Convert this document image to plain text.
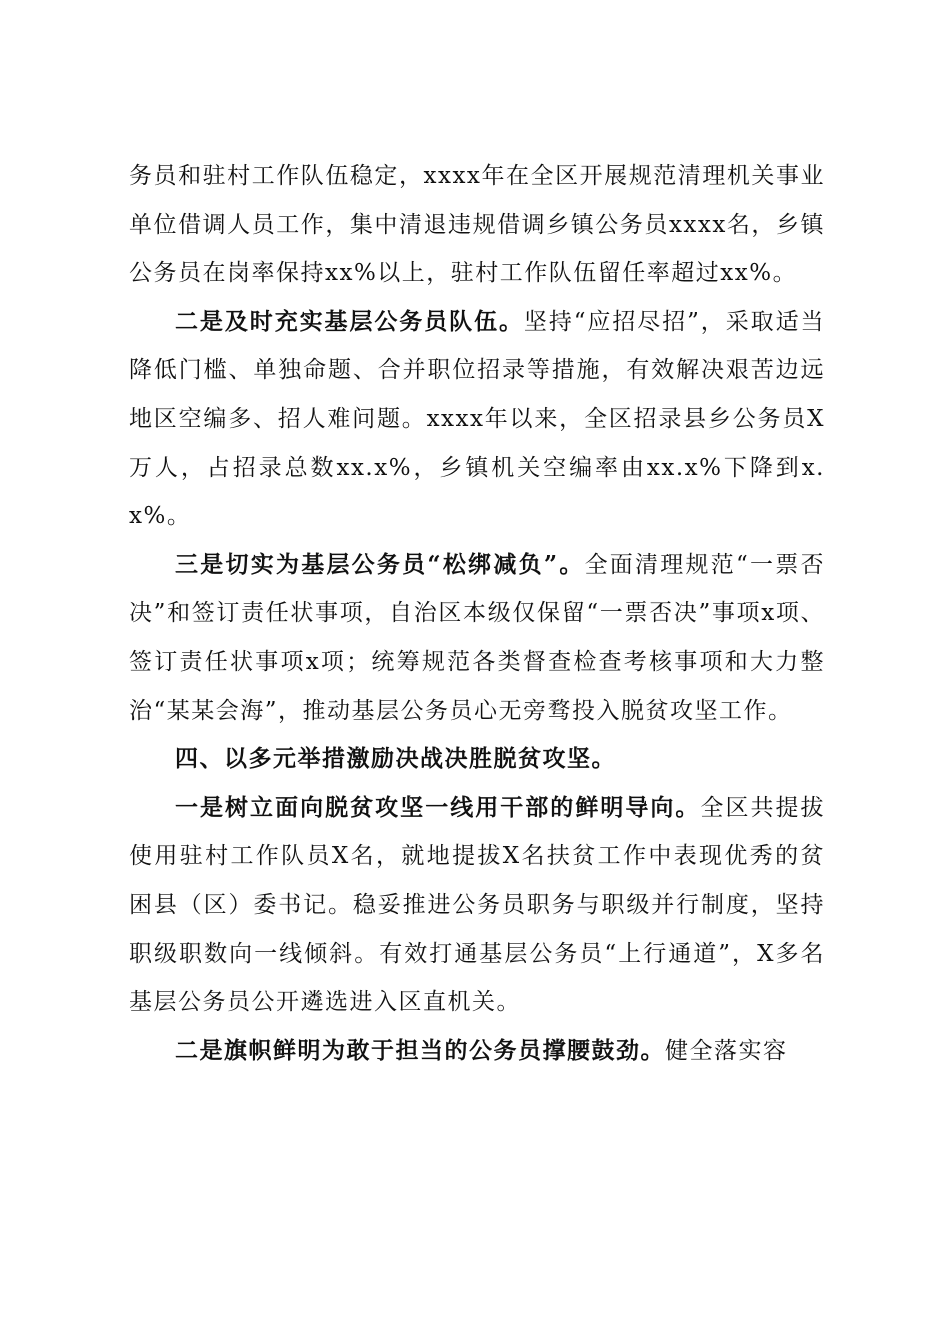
务员和驻村工作队伍稳定，xxxx年在全区开展规范清理机关事业单位借调人员工作，集中清退违规借调乡镇公务员xxxx名，乡镇公务员在岗率保持xx%以上，驻村工作队伍留任率超过xx%。

二是及时充实基层公务员队伍。坚持“应招尽招”，采取适当降低门槛、单独命题、合并职位招录等措施，有效解决艰苦边远地区空编多、招人难问题。xxxx年以来，全区招录县乡公务员X万人，占招录总数xx.x%，乡镇机关空编率由xx.x%下降到x.x%。

三是切实为基层公务员“松绑减负”。全面清理规范“一票否决”和签订责任状事项，自治区本级仅保留“一票否决”事项x项、签订责任状事项x项；统筹规范各类督查检查考核事项和大力整治“某某会海”，推动基层公务员心无旁骛投入脱贫攻坚工作。

四、以多元举措激励决战决胜脱贫攻坚。

一是树立面向脱贫攻坚一线用干部的鲜明导向。全区共提拔使用驻村工作队员X名，就地提拔X名扶贫工作中表现优秀的贫困县（区）委书记。稳妥推进公务员职务与职级并行制度，坚持职级职数向一线倾斜。有效打通基层公务员“上行通道”，X多名基层公务员公开遴选进入区直机关。

二是旗帜鲜明为敢于担当的公务员撑腰鼓劲。健全落实容
